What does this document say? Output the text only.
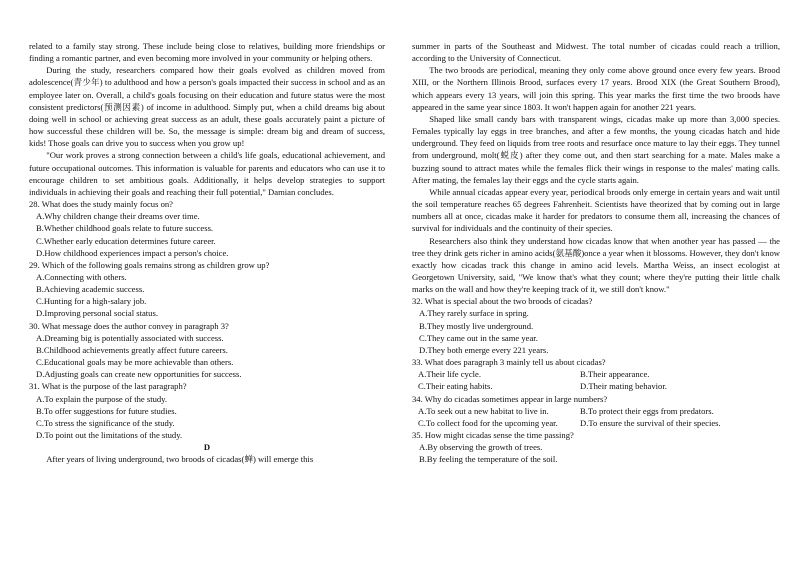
related to a family stay strong. These include being close to relatives, building more friendships or finding a romantic partner, and even becoming more involved in your community or helping others.

During the study, researchers compared how their goals evolved as children moved from adolescence(青少年) to adulthood and how a person's goals impacted their success in school and as an employee later on. Overall, a child's goals focusing on their education and future status were the most consistent predictors(预测因素) of income in adulthood. Simply put, when a child dreams big about doing well in school or achieving great success as an adult, these goals accurately paint a picture of how successful these children will be. So, the message is simple: dream big and dream of success, kids! Those goals can drive you to success when you grow up!

"Our work proves a strong connection between a child's life goals, educational achievement, and future occupational outcomes. This information is valuable for parents and educators who can use it to encourage children to set ambitious goals. Additionally, it helps develop strategies to support individuals in achieving their goals and reaching their full potential," Damian concludes.

28. What does the study mainly focus on?

A.Why children change their dreams over time.

B.Whether childhood goals relate to future success.

C.Whether early education determines future career.

D.How childhood experiences impact a person's choice.

29. Which of the following goals remains strong as children grow up?

A.Connecting with others.

B.Achieving academic success.

C.Hunting for a high-salary job.

D.Improving personal social status.

30. What message does the author convey in paragraph 3?

A.Dreaming big is potentially associated with success.

B.Childhood achievements greatly affect future careers.

C.Educational goals may be more achievable than others.

D.Adjusting goals can create new opportunities for success.

31. What is the purpose of the last paragraph?

A.To explain the purpose of the study.

B.To offer suggestions for future studies.

C.To stress the significance of the study.

D.To point out the limitations of the study.

D

After years of living underground, two broods of cicadas(蝉) will emerge this

summer in parts of the Southeast and Midwest. The total number of cicadas could reach a trillion, according to the University of Connecticut.

The two broods are periodical, meaning they only come above ground once every few years. Brood XIII, or the Northern Illinois Brood, surfaces every 17 years. Brood XIX (the Great Southern Brood), which appears every 13 years, will join this spring. This year marks the first time the two broods have appeared in the same year since 1803. It won't happen again for another 221 years.

Shaped like small candy bars with transparent wings, cicadas make up more than 3,000 species. Females typically lay eggs in tree branches, and after a few months, the young cicadas hatch and hide underground. They feed on liquids from tree roots and resurface once mature to lay their eggs. They tunnel from underground, molt(蜕皮) after they come out, and then start searching for a mate. Males make a buzzing sound to attract mates while the females flick their wings in response to the males' mating calls. After mating, the females lay their eggs and the cycle starts again.

While annual cicadas appear every year, periodical broods only emerge in certain years and wait until the soil temperature reaches 65 degrees Fahrenheit. Scientists have theorized that by coming out in large numbers all at once, cicadas make it harder for predators to consume them all, increasing the chances of survival for individuals and the continuity of their species.

Researchers also think they understand how cicadas know that when another year has passed — the tree they drink gets richer in amino acids(氨基酸)once a year when it blossoms. However, they don't know exactly how cicadas track this change in amino acid levels. Martha Weiss, an insect ecologist at Georgetown University, said, "We know that's what they count; where they're putting their little chalk marks on the wall and how they're keeping track of it, we still don't know."

32. What is special about the two broods of cicadas?

A.They rarely surface in spring.

B.They mostly live underground.

C.They came out in the same year.

D.They both emerge every 221 years.

33. What does paragraph 3 mainly tell us about cicadas?

A.Their life cycle.	B.Their appearance.
C.Their eating habits.	D.Their mating behavior.

34. Why do cicadas sometimes appear in large numbers?

A.To seek out a new habitat to live in.	B.To protect their eggs from predators.
C.To collect food for the upcoming year.	D.To ensure the survival of their species.

35. How might cicadas sense the time passing?

A.By observing the growth of trees.

B.By feeling the temperature of the soil.
